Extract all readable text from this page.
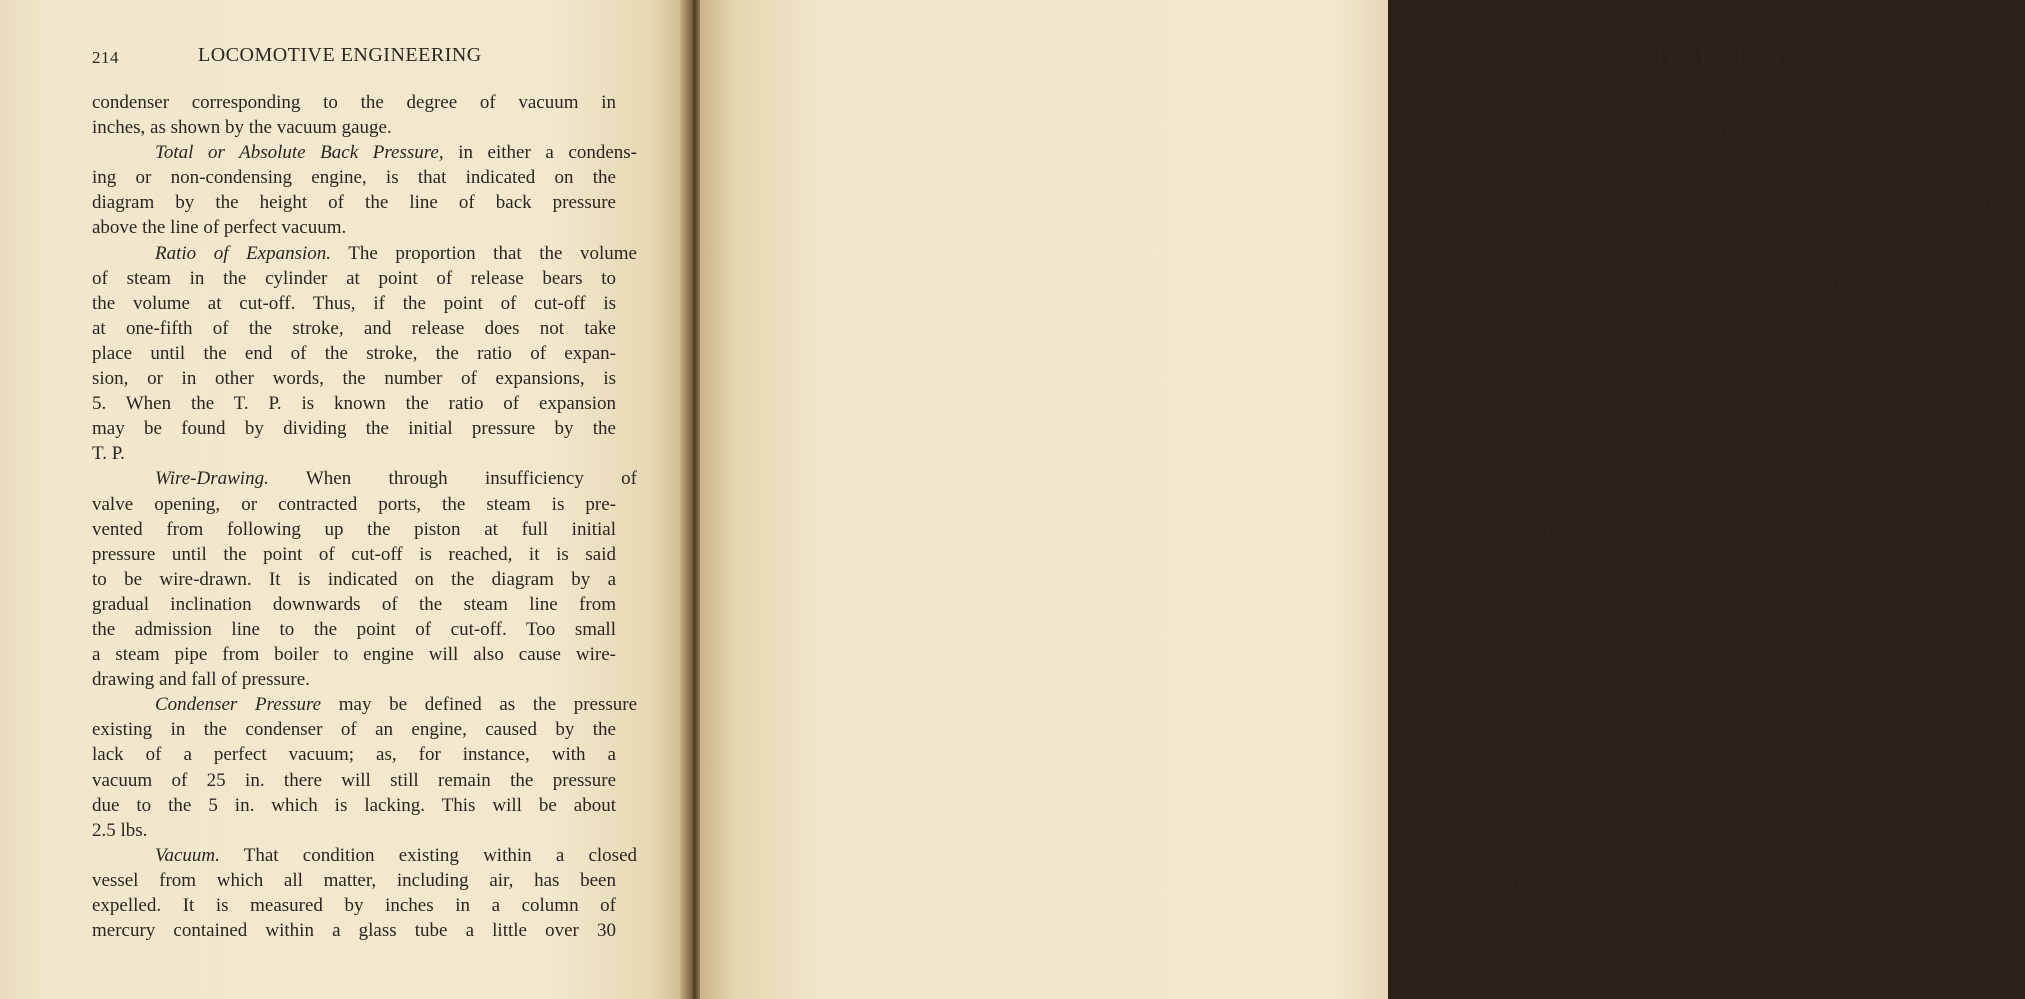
214	LOCOMOTIVE ENGINEERING
condenser corresponding to the degree of vacuum in
inches, as shown by the vacuum gauge.
Total or Absolute Back Pressure, in either a condens-
ing or non-condensing engine, is that indicated on the
diagram by the height of the line of back pressure
above the line of perfect vacuum.
Ratio of Expansion. The proportion that the volume
of steam in the cylinder at point of release bears to
the volume at cut-off. Thus, if the point of cut-off is
at one-fifth of the stroke, and release does not take
place until the end of the stroke, the ratio of expan-
sion, or in other words, the number of expansions, is
5. When the T. P. is known the ratio of expansion
may be found by dividing the initial pressure by the
T. P.
Wire-Drawing. When through insufficiency of
valve opening, or contracted ports, the steam is pre-
vented from following up the piston at full initial
pressure until the point of cut-off is reached, it is said
to be wire-drawn. It is indicated on the diagram by a
gradual inclination downwards of the steam line from
the admission line to the point of cut-off. Too small
a steam pipe from boiler to engine will also cause wire-
drawing and fall of pressure.
Condenser Pressure may be defined as the pressure
existing in the condenser of an engine, caused by the
lack of a perfect vacuum; as, for instance, with a
vacuum of 25 in. there will still remain the pressure
due to the 5 in. which is lacking. This will be about
2.5 lbs.
Vacuum. That condition existing within a closed
vessel from which all matter, including air, has been
expelled. It is measured by inches in a column of
mercury contained within a glass tube a little over 30
THE INDICATOR	215
in. in height, having its lower end open and immersed
in a small open vessel filled with mercury. The upper
end of the glass tube is connected with the vessel in
which the vacuum is to be produced. When no
vacuum exists the mercury will leave the tube and fill
the lower vessel. When a vacuum is maintained in
the condenser, or other vessel, the mercury will rise
in the glass tube to a height corresponding to the
degree of vacuum. If the mercury rises to the height
of 30 in. it indicates a perfect vacuum, which means
the absence of all pressure within the vessel, but this
condition is never realized in practice; the nearest
approach to it being about 28 in.
For purposes of convenience the mercurial vacuum
gauge is not generally used, it having been replaced
by the Bourdon spring gauge, although the mercury
gauge is used for testing.
The vacuum in a condenser is generally maintained
by an air pump, although it can be produced and
maintained by the mere condensation of the steam as
it enters the condenser by allowing a spray of cold
water to strike it. The steam when it first enters the
condenser drives out the air and the vessel is filled
with steam, which, when condensed, occupies about
1,600 times less space than it did before being con-
densed; hence a partial vacuum is produced.
While the vacuum in a condenser cannot be consid
ered as power at all, yet it occupies the anomalous
position of increasing, by its presence, the capacity of
the engine for doing work. This is owing to the fact
that the atmospheric pressure or resistance which is
always ahead of the piston in a non-condensing engine
is, in the case of a condensing engine, removed to a
degree corresponding to the height of the vacuum,
